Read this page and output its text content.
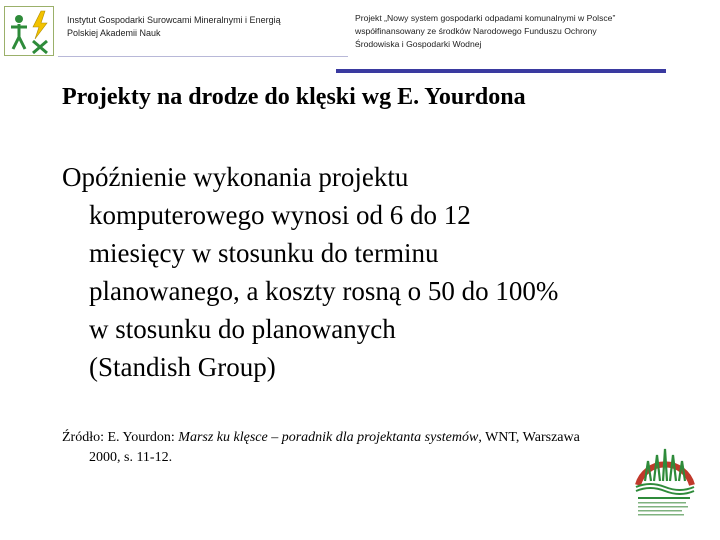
Instytut Gospodarki Surowcami Mineralnymi i Energią
Polskiej Akademii Nauk
Projekt „Nowy system gospodarki odpadami komunalnymi w Polsce”
współfinansowany ze środków Narodowego Funduszu Ochrony
Środowiska i Gospodarki Wodnej
Projekty na drodze do klęski wg E. Yourdona

Opóźnienie wykonania projektu
komputerowego wynosi od 6 do 12
miesięcy w stosunku do terminu
planowanego, a koszty rosną o 50 do 100%
w stosunku do planowanych
(Standish Group)

Źródło: E. Yourdon: Marsz ku klęsce – poradnik dla projektanta systemów, WNT, Warszawa
2000, s. 11-12.
